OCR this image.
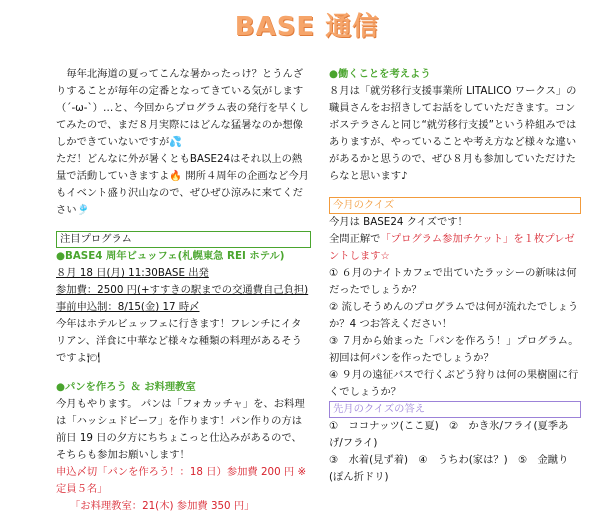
BASE 通信

毎年北海道の夏ってこんな暑かったっけ？とうんざりすることが毎年の定番となってきている気がします（´-ω-`）…と、今回からプログラム表の発行を早くしてみたので、まだ８月実際にはどんな猛暑なのか想像しかできていないですが💦

ただ！どんなに外が暑くともBASE24はそれ以上の熱量で活動していきますよ🔥 開所４周年の企画など今月もイベント盛り沢山なので、ぜひぜひ涼みに来てください🎐

注目プログラム

●BASE4 周年ビュッフェ(札幌東急 REI ホテル)

８月 18 日(月) 11:30BASE 出発

参加費：2500 円(+すすきの駅までの交通費自己負担)

事前申込制：8/15(金) 17 時〆

今年はホテルビュッフェに行きます！フレンチにイタリアン、洋食に中華など様々な種類の料理があるそうですよ🍽

●パンを作ろう ＆ お料理教室

今月もやります。 パンは「フォカッチャ」を、お料理は「ハッシュドビーフ」を作ります！パン作りの方は前日 19 日の夕方にちちょこっと仕込みがあるので、そちらも参加お願いします！

申込〆切「パンを作ろう！：18 日）参加費 200 円 ※定員５名」

「お料理教室：21(木) 参加費 350 円」

●働くことを考えよう

８月は「就労移行支援事業所 LITALICO ワークス」の職員さんをお招きしてお話をしていただきます。コンボステラさんと同じ“就労移行支援”という枠組みではありますが、やっていることや考え方など様々な違いがあるかと思うので、ぜひ８月も参加していただけたらなと思います♪

今月のクイズ

今月は BASE24 クイズです！

全問正解で「プログラム参加チケット」を１枚プレゼントします☆

① ６月のナイトカフェで出ていたラッシーの新味は何だったでしょうか？

② 流しそうめんのプログラムでは何が流れたでしょうか？4 つお答えください！

③ ７月から始まった「パンを作ろう！」プログラム。初回は何パンを作ったでしょうか？

④ ９月の遠征バスで行くぶどう狩りは何の果樹園に行くでしょうか？

先月のクイズの答え

①　ココナッツ(ここ夏)　②　かき氷/フライ(夏季あげ/フライ)

③　水着(見ず着)　④　うちわ(家は？)　⑤　金蹴り(ぽん折ドリ)
